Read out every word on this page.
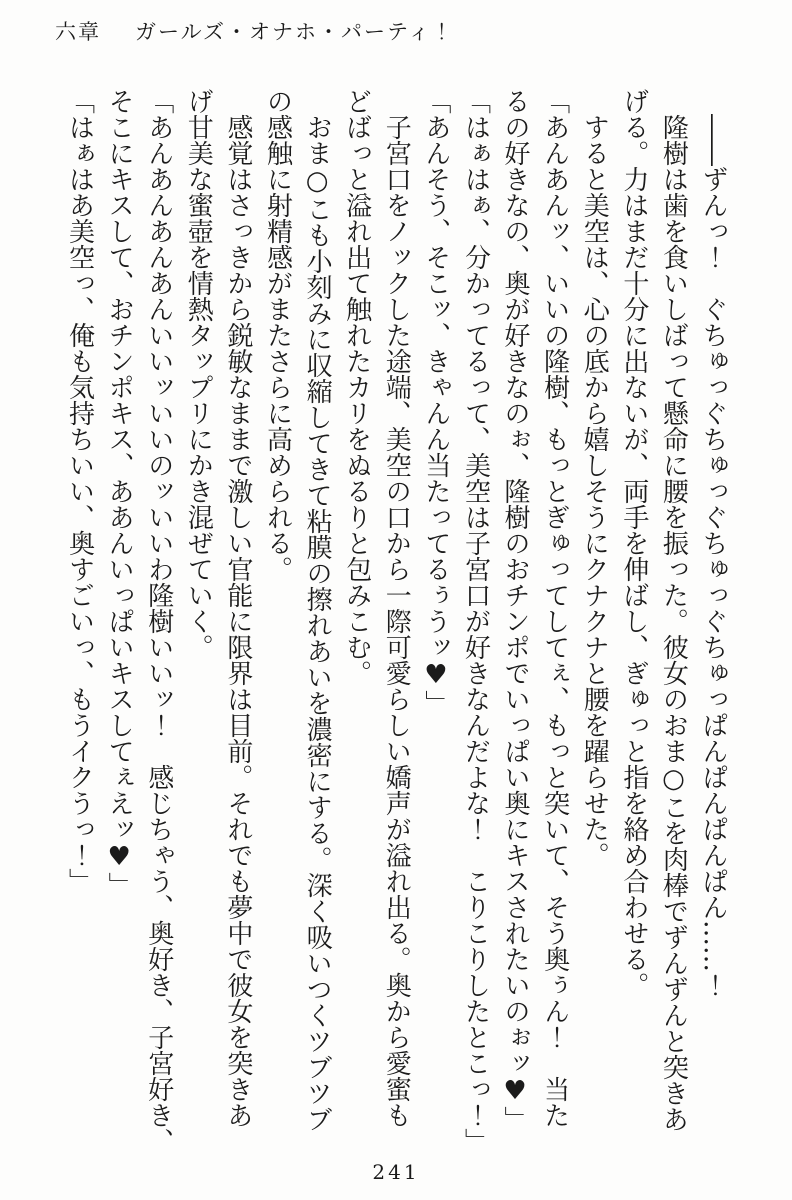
六章 ガールズ・オナホ・パーティ！
　――ずんっ！　ぐちゅっぐちゅっぐちゅっぐちゅっぱんぱんぱんぱん……！
　隆樹は歯を食いしばって懸命に腰を振った。彼女のおま○こを肉棒でずんずんと突きあ
げる。力はまだ十分に出ないが、両手を伸ばし、ぎゅっと指を絡め合わせる。
　すると美空は、心の底から嬉しそうにクナクナと腰を躍らせた。
「あんあんッ、いいの隆樹、もっとぎゅってしてぇ、もっと突いて、そう奥ぅん！　当た
るの好きなの、奥が好きなのぉ、隆樹のおチンポでいっぱい奥にキスされたいのぉッ♥」
「はぁはぁ、分かってるって、美空は子宮口が好きなんだよな！　こりこりしたとこっ！」
「あんそう、そこッ、きゃんん当たってるぅうッ♥」
　子宮口をノックした途端、美空の口から一際可愛らしい嬌声が溢れ出る。奥から愛蜜も
どばっと溢れ出て触れたカリをぬるりと包みこむ。
　おま○こも小刻みに収縮してきて粘膜の擦れあいを濃密にする。深く吸いつくツブツブ
の感触に射精感がまたさらに高められる。
　感覚はさっきから鋭敏なままで激しい官能に限界は目前。それでも夢中で彼女を突きあ
げ甘美な蜜壺を情熱タップリにかき混ぜていく。
「あんあんあんあんいいッいいのッいいわ隆樹いいッ！　感じちゃう、奥好き、子宮好き、
そこにキスして、おチンポキス、ああんいっぱいキスしてぇえッ♥」
「はぁはあ美空っ、俺も気持ちいい、奥すごいっ、もうイクうっ！」
241
